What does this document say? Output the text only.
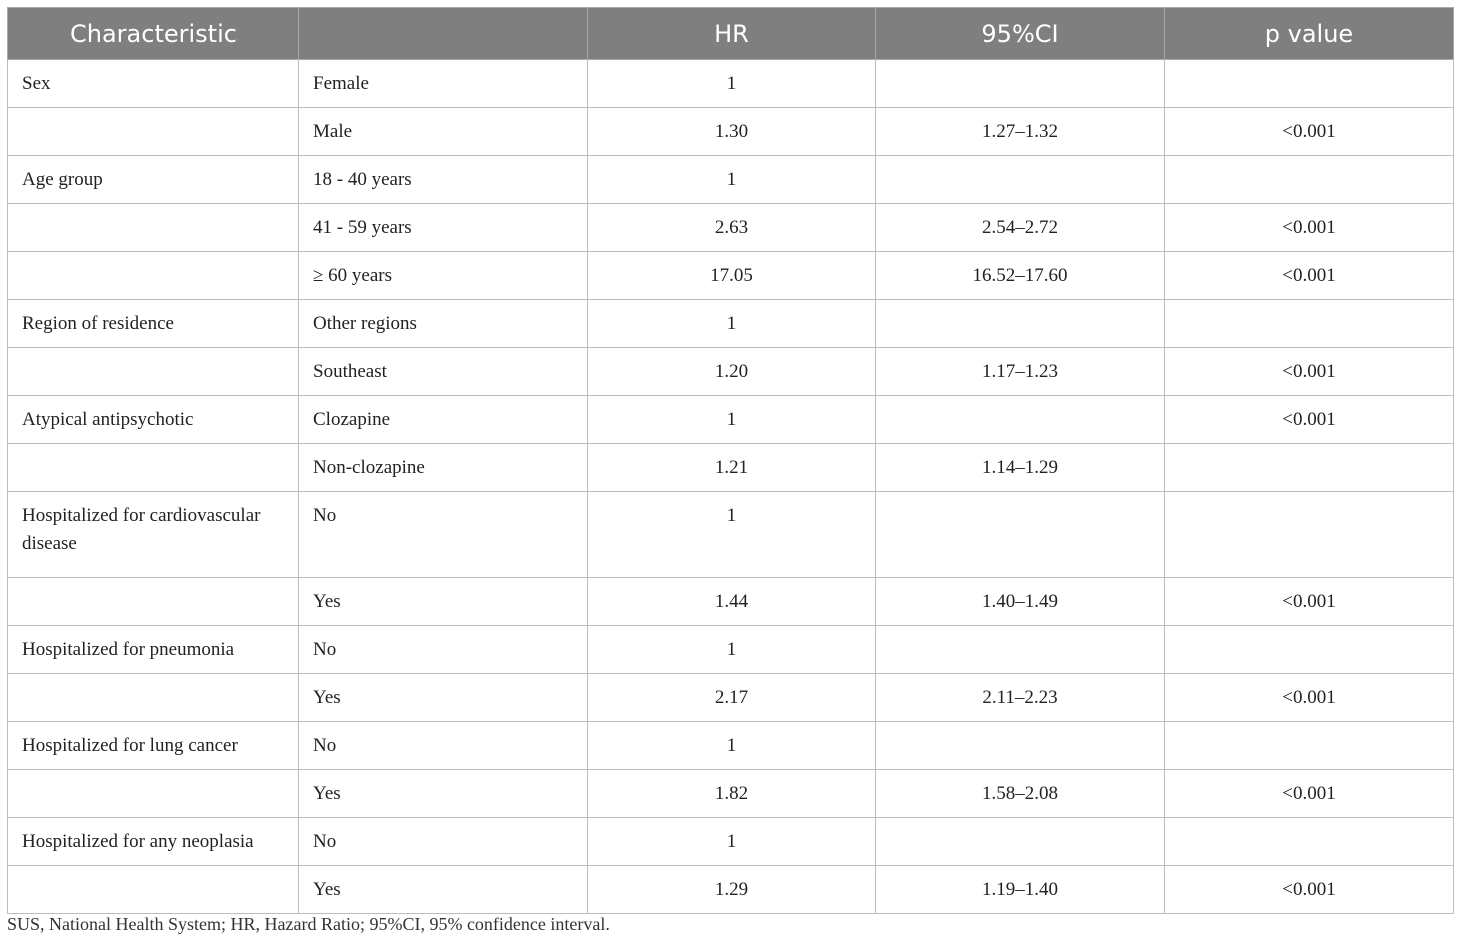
Characteristic		HR	95%CI	p value
Sex	Female	1		
	Male	1.30	1.27–1.32	<0.001
Age group	18 - 40 years	1		
	41 - 59 years	2.63	2.54–2.72	<0.001
	≥ 60 years	17.05	16.52–17.60	<0.001
Region of residence	Other regions	1		
	Southeast	1.20	1.17–1.23	<0.001
Atypical antipsychotic	Clozapine	1		<0.001
	Non-clozapine	1.21	1.14–1.29	
Hospitalized for cardiovascular disease	No	1		
	Yes	1.44	1.40–1.49	<0.001
Hospitalized for pneumonia	No	1		
	Yes	2.17	2.11–2.23	<0.001
Hospitalized for lung cancer	No	1		
	Yes	1.82	1.58–2.08	<0.001
Hospitalized for any neoplasia	No	1		
	Yes	1.29	1.19–1.40	<0.001

SUS, National Health System; HR, Hazard Ratio; 95%CI, 95% confidence interval.
